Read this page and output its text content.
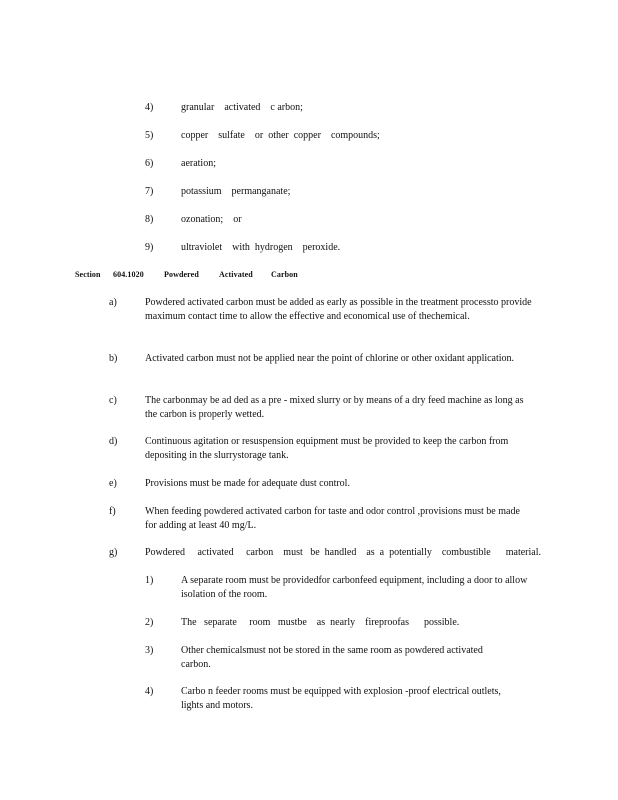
4)	granular    activated    c arbon;
5)	copper    sulfate    or  other  copper    compounds;
6)	aeration;
7)	potassium    permanganate;
8)	ozonation;    or
9)	ultraviolet    with  hydrogen    peroxide.
Section 604.1020	Powdered	Activated Carbon
a)	Powdered activated carbon must be added as early as possible in the treatment processto provide maximum contact time to allow the effective and economical use of thechemical.
b)	Activated carbon must not be applied near the point of chlorine or other oxidant application.
c)	The carbonmay be ad ded as a pre - mixed slurry or by means of a dry feed machine as long as the carbon is properly wetted.
d)	Continuous agitation or resuspension equipment must be provided to keep the carbon from depositing in the slurrystorage tank.
e)	Provisions must be made for adequate dust control.
f)	When feeding powdered activated carbon for taste and odor control ,provisions must be made for adding at least 40 mg/L.
g)	Powdered     activated     carbon    must   be  handled    as  a  potentially    combustible      material.
1)	A separate room must be providedfor carbonfeed equipment, including a door to allow isolation of the room.
2)	The   separate     room   mustbe    as  nearly    fireproofas      possible.
3)	Other chemicalsmust not be stored in the same room as powdered activated carbon.
4)	Carbo n feeder rooms must be equipped with explosion -proof electrical outlets, lights and motors.
